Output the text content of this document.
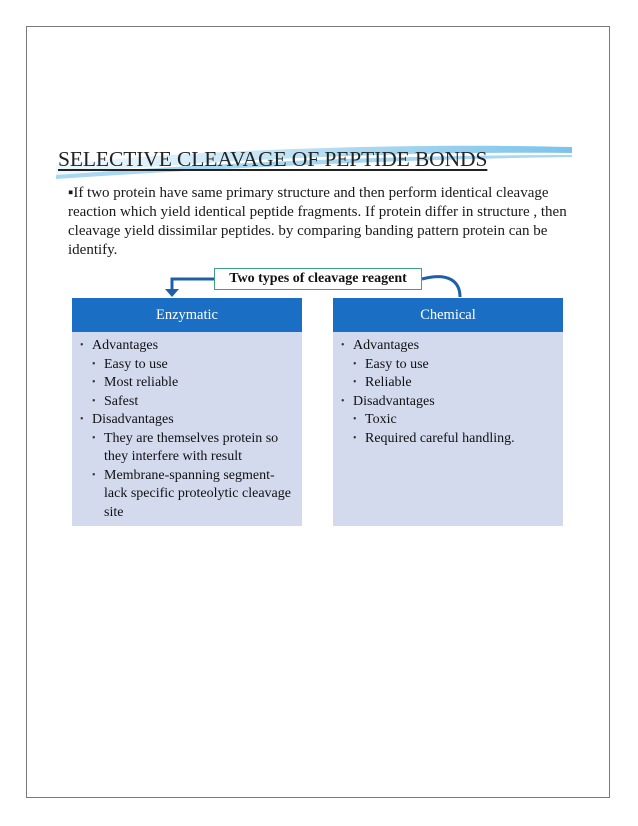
SELECTIVE CLEAVAGE OF PEPTIDE BONDS

▪If two protein have same primary structure and then perform identical cleavage reaction which yield identical peptide fragments. If protein differ in structure , then cleavage yield dissimilar peptides. by comparing banding pattern protein can be identify.

Two types of cleavage reagent
Enzymatic
• Advantages
• Easy to use
• Most reliable
• Safest
• Disadvantages
• They are themselves protein so they interfere with result
• Membrane-spanning segment-lack specific proteolytic cleavage site
Chemical
• Advantages
• Easy to use
• Reliable
• Disadvantages
• Toxic
• Required careful handling.
